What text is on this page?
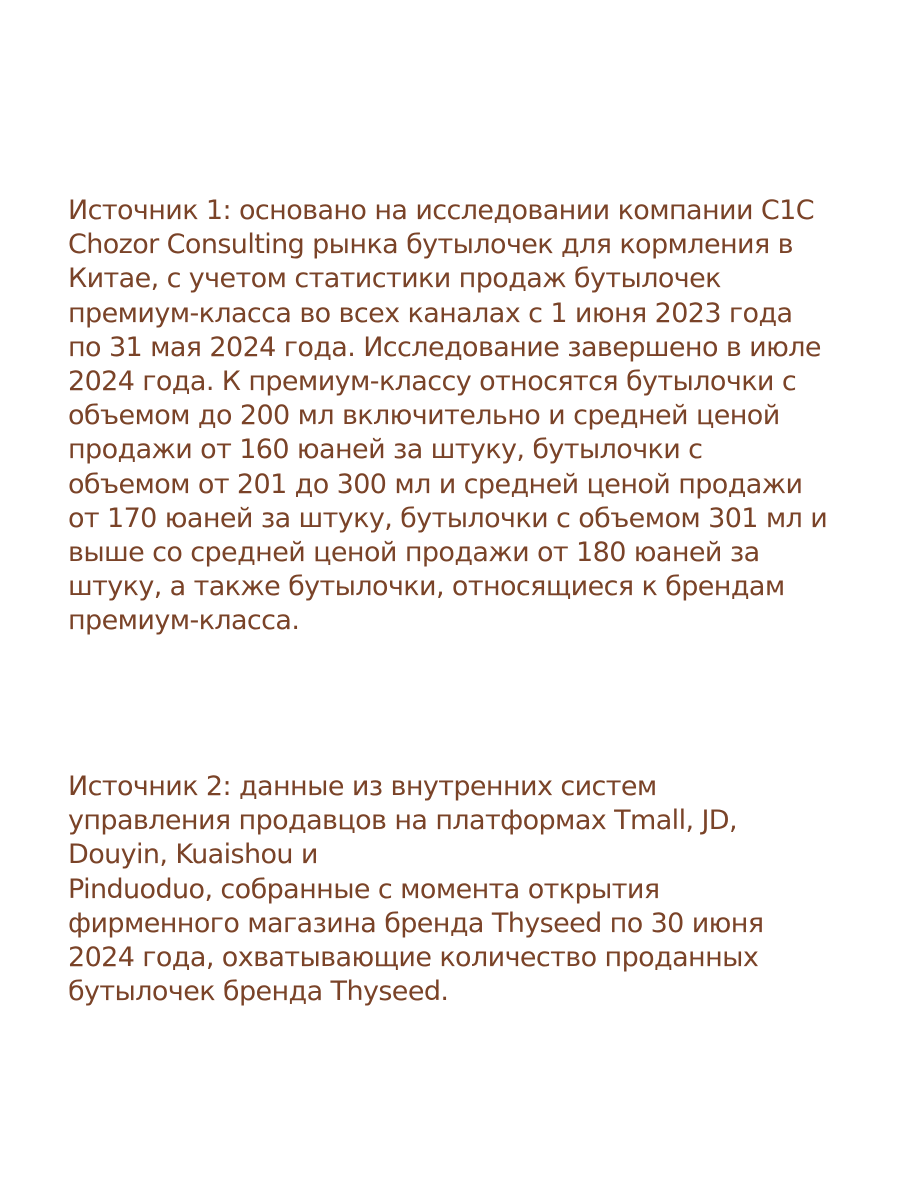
Источник 1: основано на исследовании компании C1C
Chozor Consulting рынка бутылочек для кормления в
Китае, с учетом статистики продаж бутылочек
премиум-класса во всех каналах с 1 июня 2023 года
по 31 мая 2024 года. Исследование завершено в июле
2024 года. К премиум-классу относятся бутылочки с
объемом до 200 мл включительно и средней ценой
продажи от 160 юаней за штуку, бутылочки с
объемом от 201 до 300 мл и средней ценой продажи
от 170 юаней за штуку, бутылочки с объемом 301 мл и
выше со средней ценой продажи от 180 юаней за
штуку, а также бутылочки, относящиеся к брендам
премиум-класса.

Источник 2: данные из внутренних систем
управления продавцов на платформах Tmall, JD,
Douyin, Kuaishou и
Pinduoduo, собранные с момента открытия
фирменного магазина бренда Thyseed по 30 июня
2024 года, охватывающие количество проданных
бутылочек бренда Thyseed.
